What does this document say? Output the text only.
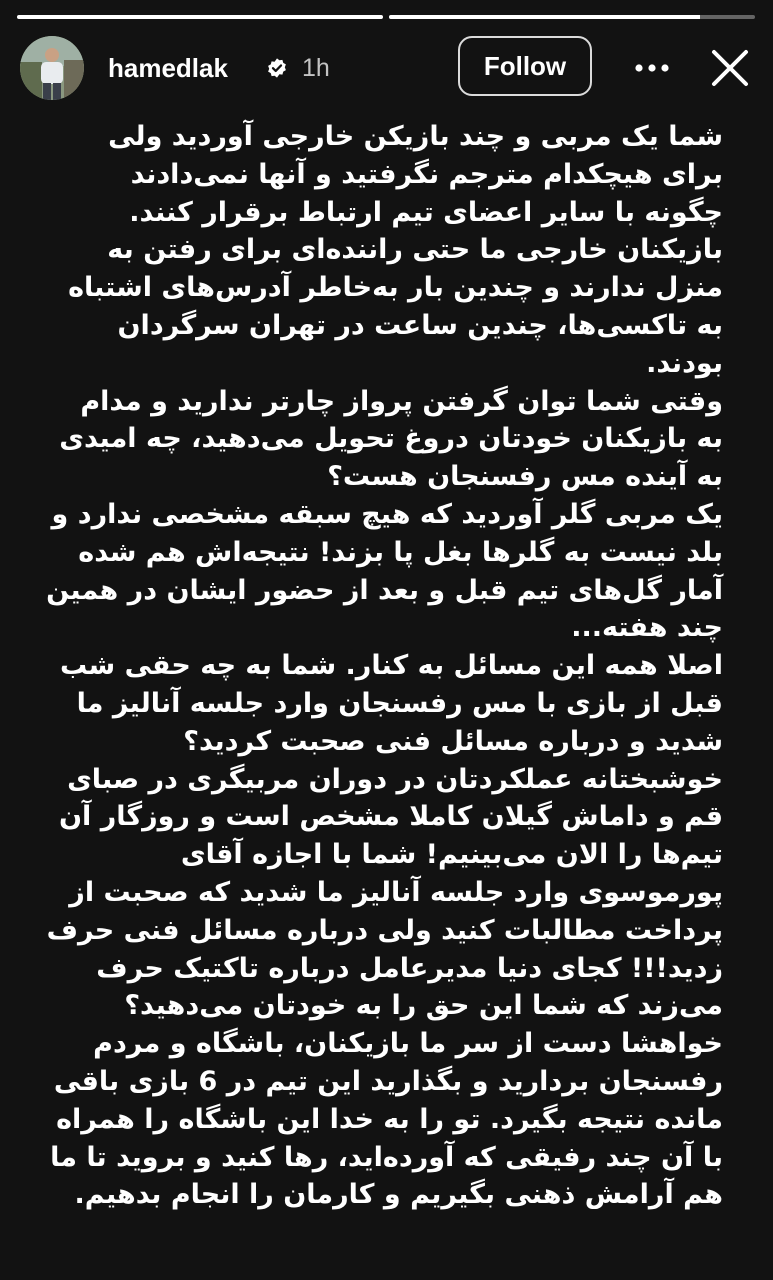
hamedlak	1h	Follow

شما یک مربی و چند بازیکن خارجی آوردید ولی برای هیچکدام مترجم نگرفتید و آنها نمی‌دادند چگونه با سایر اعضای تیم ارتباط برقرار کنند.

بازیکنان خارجی ما حتی راننده‌ای برای رفتن به منزل ندارند و چندین بار به‌خاطر آدرس‌های اشتباه به تاکسی‌ها، چندین ساعت در تهران سرگردان بودند.

وقتی شما توان گرفتن پرواز چارتر ندارید و مدام به بازیکنان خودتان دروغ تحویل می‌دهید، چه امیدی به آینده مس رفسنجان هست؟

یک مربی گلر آوردید که هیچ سبقه مشخصی ندارد و بلد نیست به گلرها بغل پا بزند! نتیجه‌اش هم شده آمار گل‌های تیم قبل و بعد از حضور ایشان در همین چند هفته...

اصلا همه این مسائل به کنار. شما به چه حقی شب قبل از بازی با مس رفسنجان وارد جلسه آنالیز ما شدید و درباره مسائل فنی صحبت کردید؟ خوشبختانه عملکردتان در دوران مربیگری در صبای قم و داماش گیلان کاملا مشخص است و روزگار آن تیم‌ها را الان می‌بینیم! شما با اجازه آقای پورموسوی وارد جلسه آنالیز ما شدید که صحبت از پرداخت مطالبات کنید ولی درباره مسائل فنی حرف زدید!!! کجای دنیا مدیرعامل درباره تاکتیک حرف می‌زند که شما این حق را به خودتان می‌دهید؟ خواهشا دست از سر ما بازیکنان، باشگاه و مردم رفسنجان بردارید و بگذارید این تیم در 6 بازی باقی مانده نتیجه بگیرد. تو را به خدا این باشگاه را همراه با آن چند رفیقی که آورده‌اید، رها کنید و بروید تا ما هم آرامش ذهنی بگیریم و کارمان را انجام بدهیم.
